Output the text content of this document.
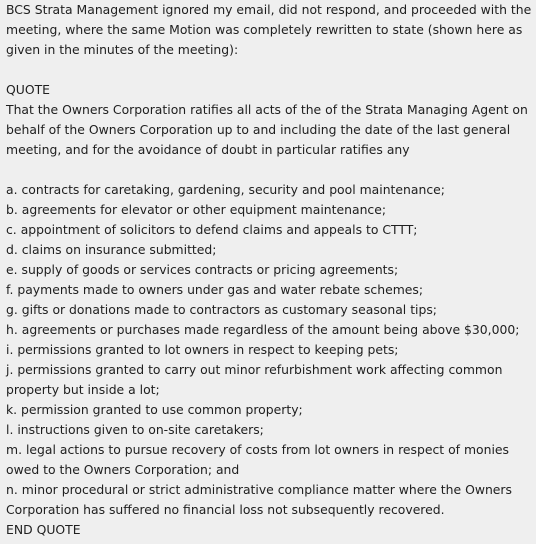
BCS Strata Management ignored my email, did not respond, and proceeded with the meeting, where the same Motion was completely rewritten to state (shown here as given in the minutes of the meeting):

QUOTE

That the Owners Corporation ratifies all acts of the of the Strata Managing Agent on behalf of the Owners Corporation up to and including the date of the last general meeting, and for the avoidance of doubt in particular ratifies any

a. contracts for caretaking, gardening, security and pool maintenance;

b. agreements for elevator or other equipment maintenance;

c. appointment of solicitors to defend claims and appeals to CTTT;

d. claims on insurance submitted;

e. supply of goods or services contracts or pricing agreements;

f. payments made to owners under gas and water rebate schemes;

g. gifts or donations made to contractors as customary seasonal tips;

h. agreements or purchases made regardless of the amount being above $30,000;

i. permissions granted to lot owners in respect to keeping pets;

j. permissions granted to carry out minor refurbishment work affecting common property but inside a lot;

k. permission granted to use common property;

l. instructions given to on-site caretakers;

m. legal actions to pursue recovery of costs from lot owners in respect of monies owed to the Owners Corporation; and

n. minor procedural or strict administrative compliance matter where the Owners Corporation has suffered no financial loss not subsequently recovered.

END QUOTE
